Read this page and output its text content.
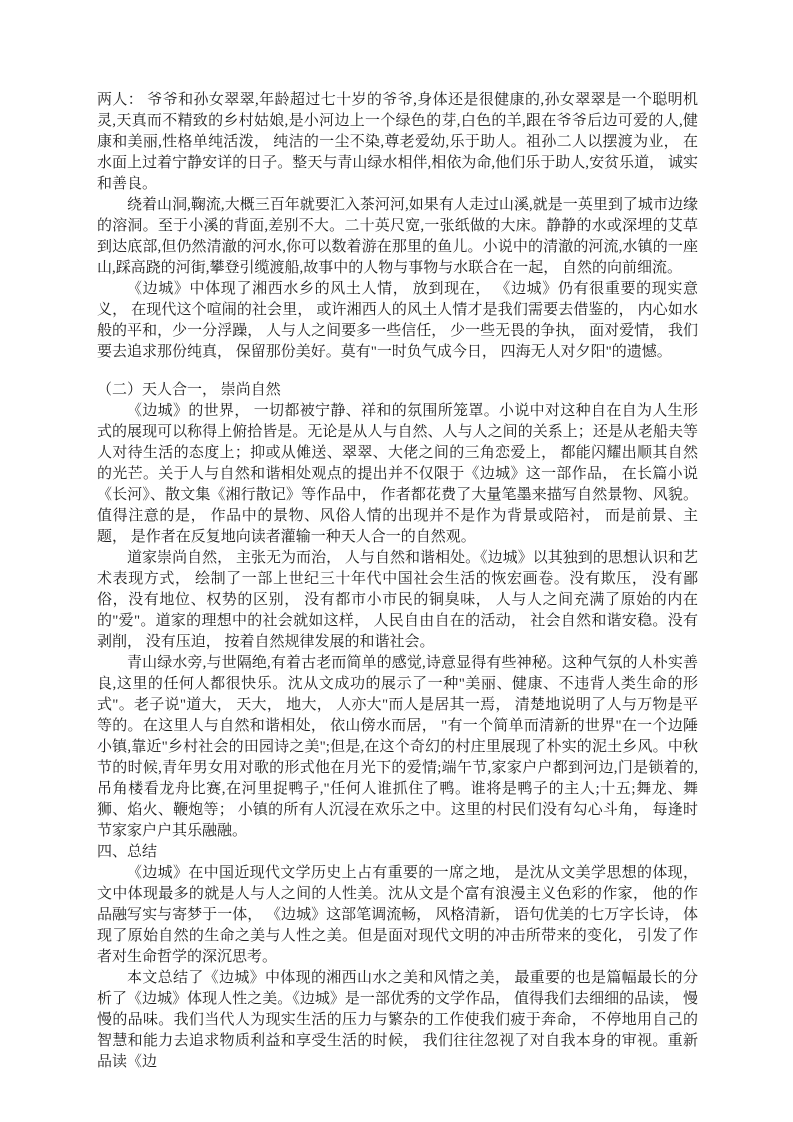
两人： 爷爷和孙女翠翠,年龄超过七十岁的爷爷,身体还是很健康的,孙女翠翠是一个聪明机灵,天真而不精致的乡村姑娘,是小河边上一个绿色的芽,白色的羊,跟在爷爷后边可爱的人,健康和美丽,性格单纯活泼， 纯洁的一尘不染,尊老爱幼,乐于助人。祖孙二人以摆渡为业， 在水面上过着宁静安详的日子。整天与青山绿水相伴,相依为命,他们乐于助人,安贫乐道， 诚实和善良。

绕着山洞,鞠流,大概三百年就要汇入茶河河,如果有人走过山溪,就是一英里到了城市边缘的溶洞。至于小溪的背面,差别不大。二十英尺宽,一张纸做的大床。静静的水或深埋的艾草到达底部,但仍然清澈的河水,你可以数着游在那里的鱼儿。小说中的清澈的河流,水镇的一座山,踩高跷的河街,攀登引缆渡船,故事中的人物与事物与水联合在一起， 自然的向前细流。

《边城》中体现了湘西水乡的风土人情， 放到现在， 《边城》仍有很重要的现实意义， 在现代这个喧闹的社会里， 或许湘西人的风土人情才是我们需要去借鉴的， 内心如水般的平和，少一分浮躁， 人与人之间要多一些信任， 少一些无畏的争执， 面对爱情， 我们要去追求那份纯真， 保留那份美好。莫有"一时负气成今日， 四海无人对夕阳"的遗憾。

（二）天人合一， 崇尚自然

《边城》的世界， 一切都被宁静、祥和的氛围所笼罩。小说中对这种自在自为人生形式的展现可以称得上俯拾皆是。无论是从人与自然、人与人之间的关系上；还是从老船夫等人对待生活的态度上；抑或从傩送、翠翠、大佬之间的三角恋爱上， 都能闪耀出顺其自然的光芒。关于人与自然和谐相处观点的提出并不仅限于《边城》这一部作品， 在长篇小说《长河》、散文集《湘行散记》等作品中， 作者都花费了大量笔墨来描写自然景物、风貌。值得注意的是， 作品中的景物、风俗人情的出现并不是作为背景或陪衬， 而是前景、主题， 是作者在反复地向读者灌输一种天人合一的自然观。

道家崇尚自然， 主张无为而治， 人与自然和谐相处。《边城》以其独到的思想认识和艺术表现方式， 绘制了一部上世纪三十年代中国社会生活的恢宏画卷。没有欺压， 没有鄙俗，没有地位、权势的区别， 没有都市小市民的铜臭味， 人与人之间充满了原始的内在的"爱"。道家的理想中的社会就如这样， 人民自由自在的活动， 社会自然和谐安稳。没有剥削， 没有压迫， 按着自然规律发展的和谐社会。

青山绿水旁,与世隔绝,有着古老而简单的感觉,诗意显得有些神秘。这种气氛的人朴实善良,这里的任何人都很快乐。沈从文成功的展示了一种"美丽、健康、不违背人类生命的形式"。老子说"道大， 天大， 地大， 人亦大"而人是居其一焉， 清楚地说明了人与万物是平等的。在这里人与自然和谐相处， 依山傍水而居， "有一个简单而清新的世界"在一个边陲小镇,靠近"乡村社会的田园诗之美";但是,在这个奇幻的村庄里展现了朴实的泥土乡风。中秋节的时候,青年男女用对歌的形式他在月光下的爱情;端午节,家家户户都到河边,门是锁着的,吊角楼看龙舟比赛,在河里捉鸭子,"任何人谁抓住了鸭。谁将是鸭子的主人;十五;舞龙、舞狮、焰火、鞭炮等； 小镇的所有人沉浸在欢乐之中。这里的村民们没有勾心斗角， 每逢时节家家户户其乐融融。

四、总结

《边城》在中国近现代文学历史上占有重要的一席之地， 是沈从文美学思想的体现， 文中体现最多的就是人与人之间的人性美。沈从文是个富有浪漫主义色彩的作家， 他的作品融写实与寄梦于一体， 《边城》这部笔调流畅， 风格清新， 语句优美的七万字长诗， 体现了原始自然的生命之美与人性之美。但是面对现代文明的冲击所带来的变化， 引发了作者对生命哲学的深沉思考。

本文总结了《边城》中体现的湘西山水之美和风情之美， 最重要的也是篇幅最长的分析了《边城》体现人性之美。《边城》是一部优秀的文学作品， 值得我们去细细的品读， 慢慢的品味。我们当代人为现实生活的压力与繁杂的工作使我们疲于奔命， 不停地用自己的智慧和能力去追求物质利益和享受生活的时候， 我们往往忽视了对自我本身的审视。重新品读《边
